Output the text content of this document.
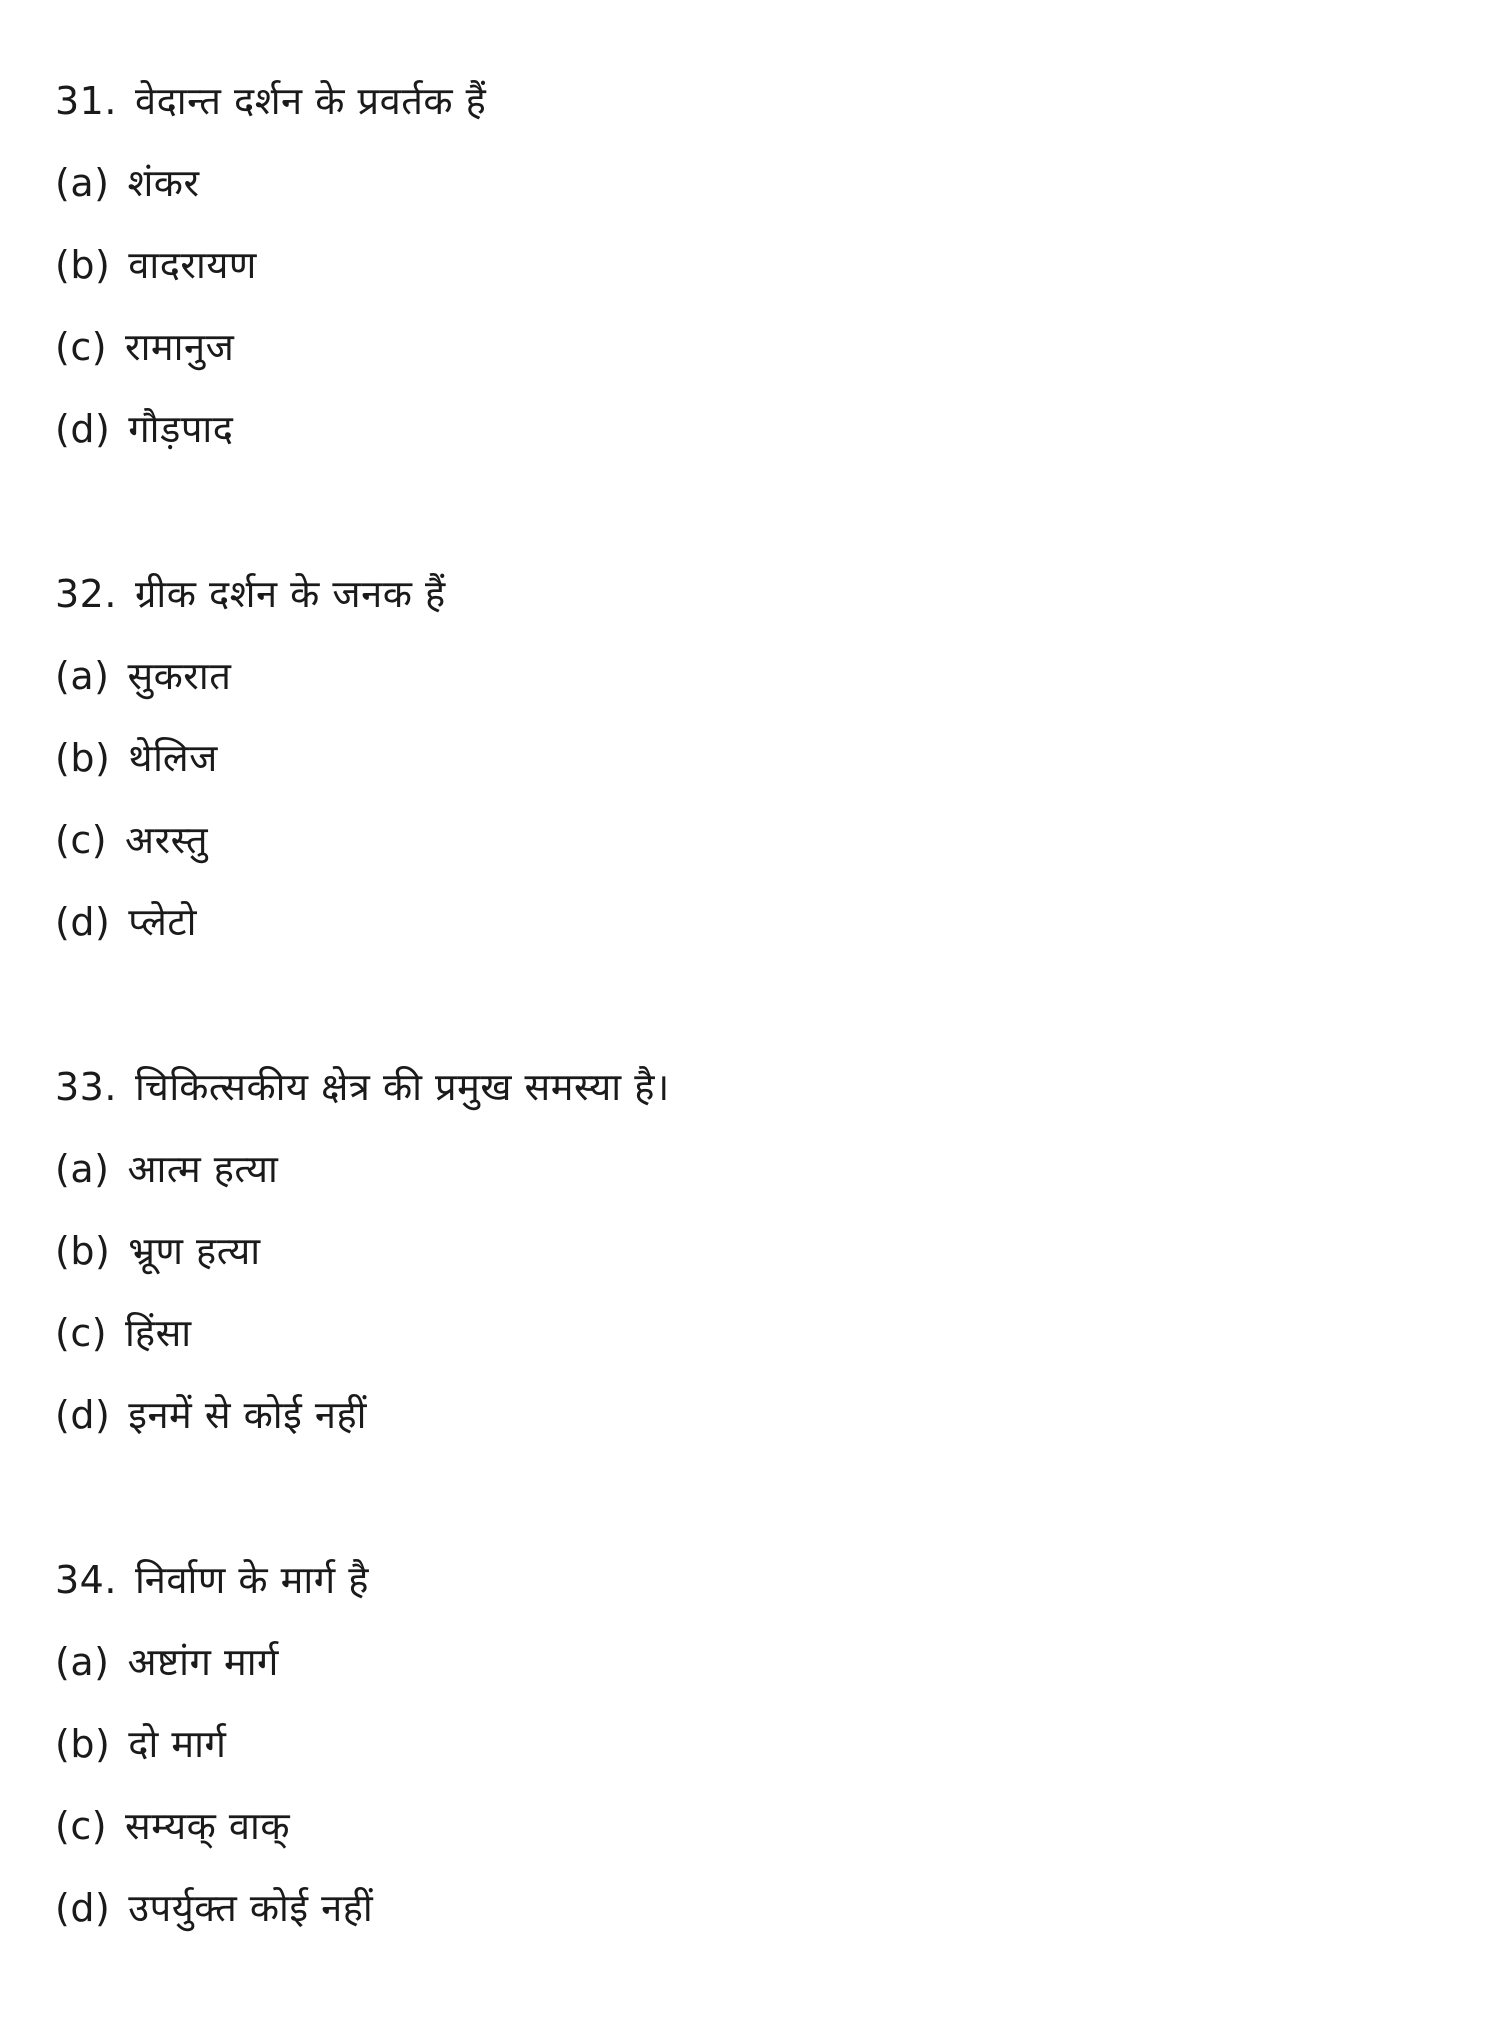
31. वेदान्त दर्शन के प्रवर्तक हैं
(a) शंकर
(b) वादरायण
(c) रामानुज
(d) गौड़पाद
32. ग्रीक दर्शन के जनक हैं
(a) सुकरात
(b) थेलिज
(c) अरस्तु
(d) प्लेटो
33. चिकित्सकीय क्षेत्र की प्रमुख समस्या है।
(a) आत्म हत्या
(b) भ्रूण हत्या
(c) हिंसा
(d) इनमें से कोई नहीं
34. निर्वाण के मार्ग है
(a) अष्टांग मार्ग
(b) दो मार्ग
(c) सम्यक् वाक्
(d) उपर्युक्त कोई नहीं
